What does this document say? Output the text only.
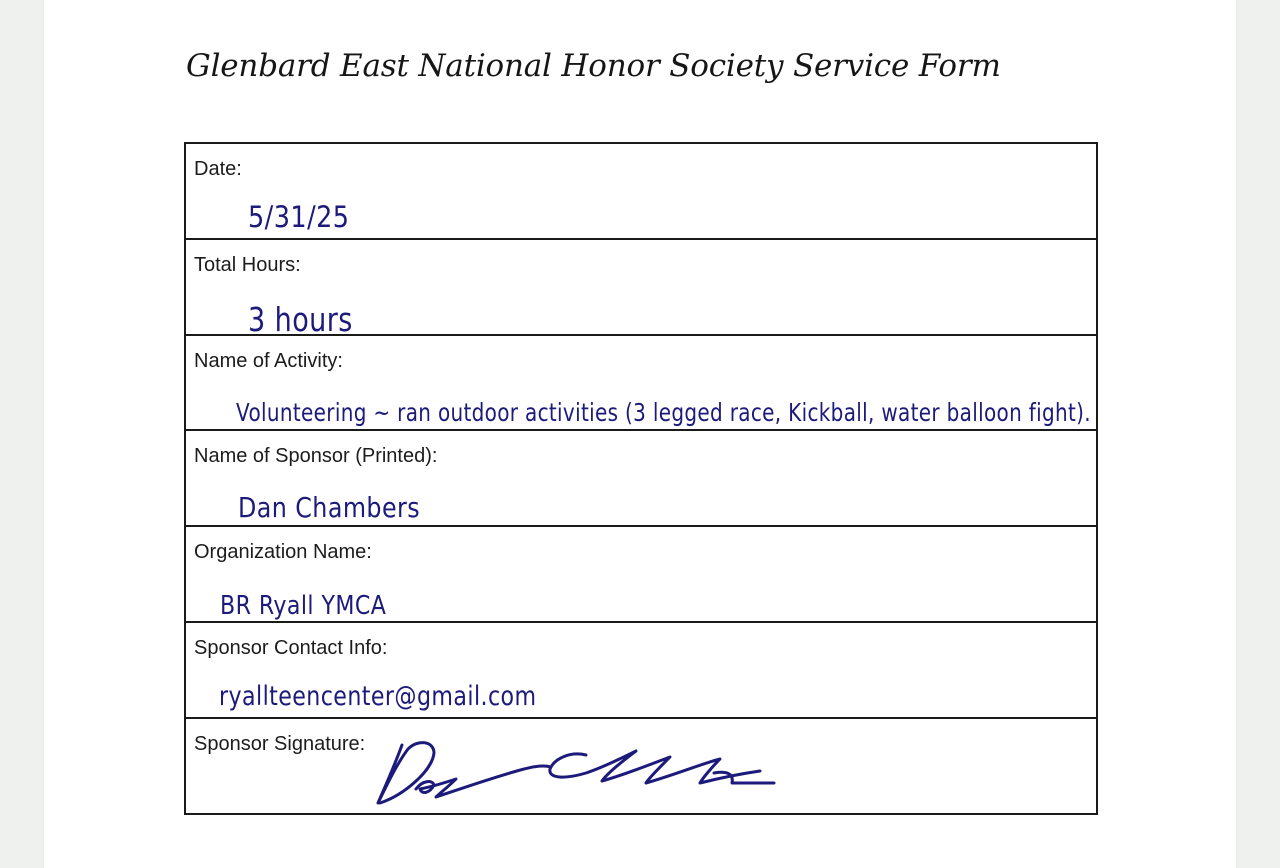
Glenbard East National Honor Society Service Form
Date:
5/31/25
Total Hours:
3 hours
Name of Activity:
Volunteering ~ ran outdoor activities (3 legged race, Kickball, water balloon fight).
Name of Sponsor (Printed):
Dan Chambers
Organization Name:
BR Ryall YMCA
Sponsor Contact Info:
ryallteencenter@gmail.com
Sponsor Signature:
